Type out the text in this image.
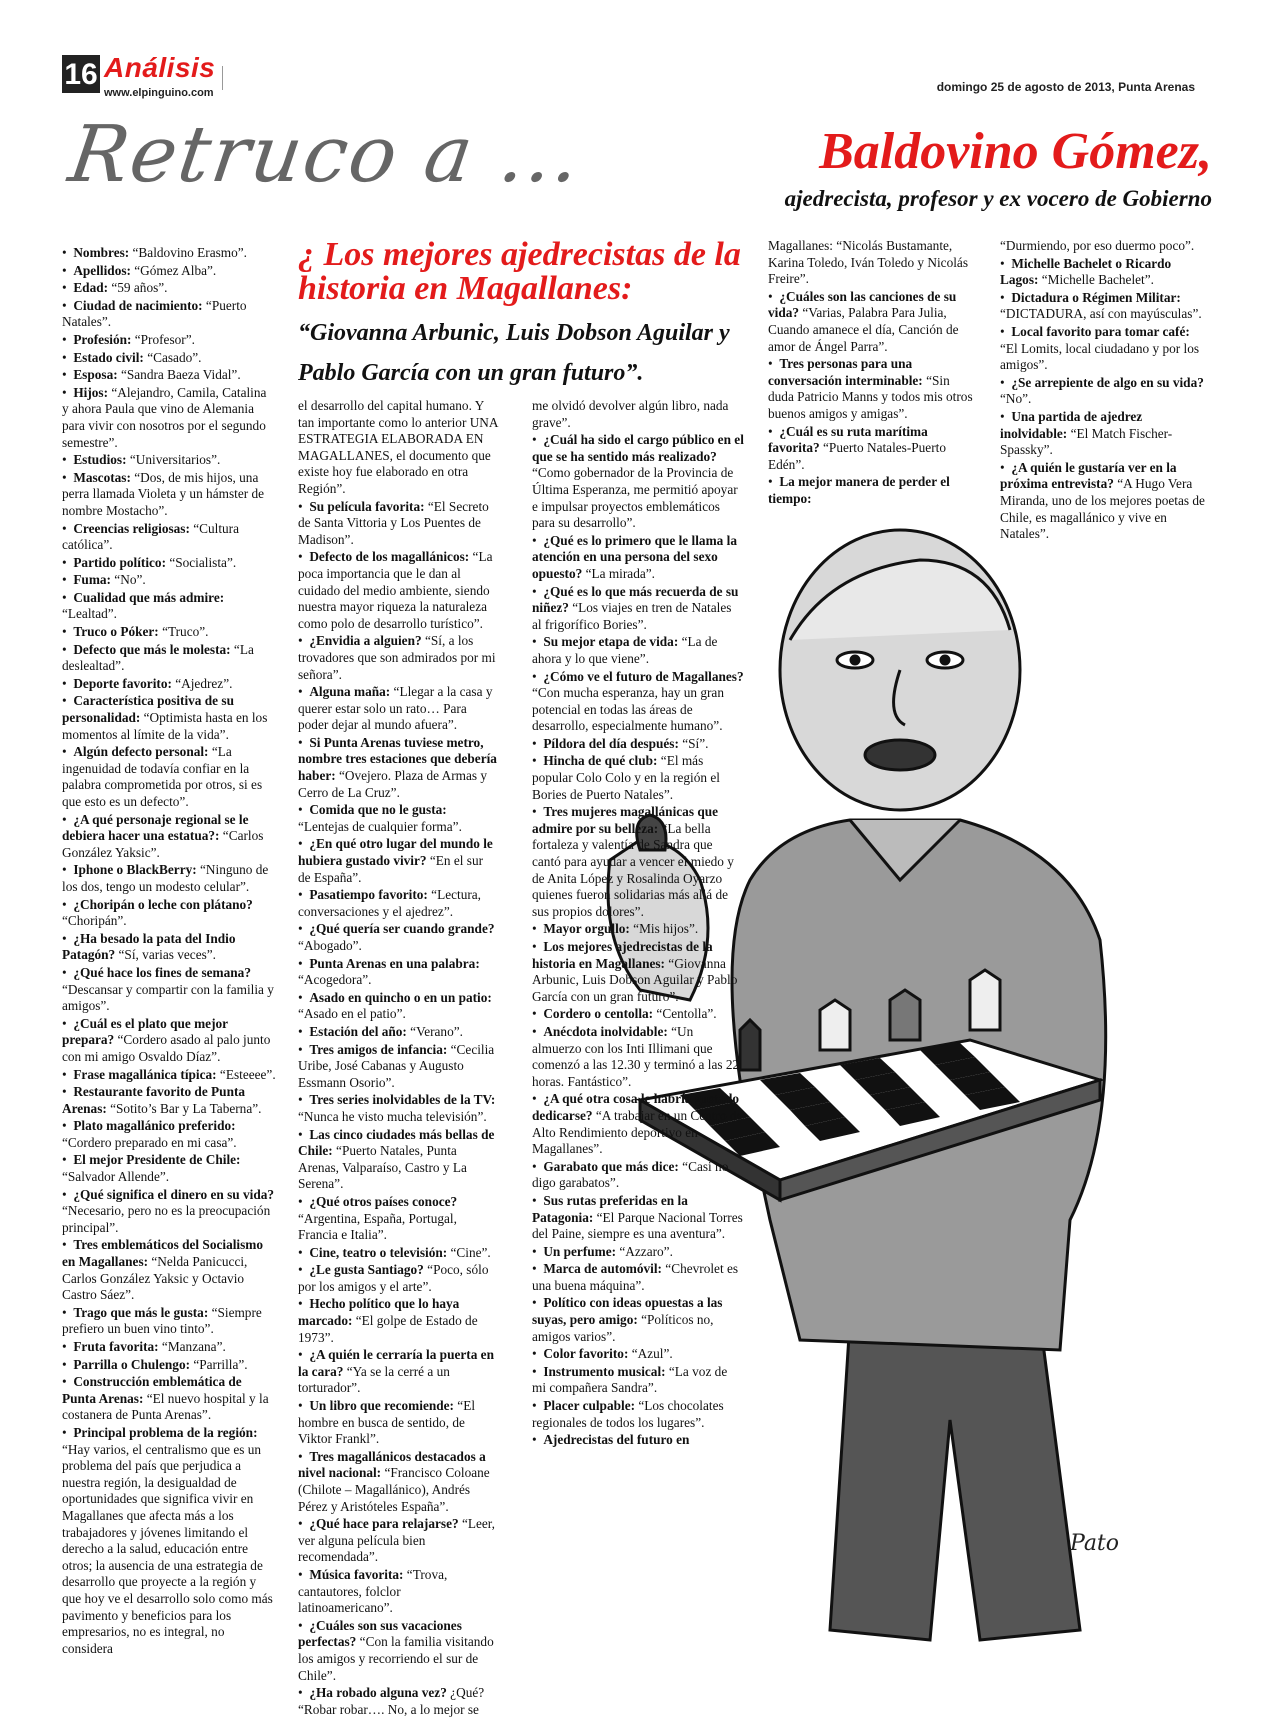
16 Análisis
www.elpinguino.com	domingo 25 de agosto de 2013, Punta Arenas
Retruco a ...	Baldovino Gómez,
ajedrecista, profesor y ex vocero de Gobierno
¿ Los mejores ajedrecistas de la historia en Magallanes:
“Giovanna Arbunic, Luis Dobson Aguilar y Pablo García con un gran futuro”.
Pato

•  Nombres: “Baldovino Erasmo”.

•  Apellidos: “Gómez Alba”.

•  Edad: “59 años”.

•  Ciudad de nacimiento: “Puerto Natales”.

•  Profesión: “Profesor”.

•  Estado civil: “Casado”.

•  Esposa: “Sandra Baeza Vidal”.

•  Hijos: “Alejandro, Camila, Catalina y ahora Paula que vino de Alemania para vivir con nosotros por el segundo semestre”.

•  Estudios: “Universitarios”.

•  Mascotas: “Dos, de mis hijos, una perra llamada Violeta y un hámster de nombre Mostacho”.

•  Creencias religiosas: “Cultura católica”.

•  Partido político: “Socialista”.

•  Fuma: “No”.

•  Cualidad que más admire: “Lealtad”.

•  Truco o Póker: “Truco”.

•  Defecto que más le molesta: “La deslealtad”.

•  Deporte favorito: “Ajedrez”.

•  Característica positiva de su personalidad: “Optimista hasta en los momentos al límite de la vida”.

•  Algún defecto personal: “La ingenuidad de todavía confiar en la palabra comprometida por otros, si es que esto es un defecto”.

•  ¿A qué personaje regional se le debiera hacer una estatua?: “Carlos González Yaksic”.

•  Iphone o BlackBerry: “Ninguno de los dos, tengo un modesto celular”.

•  ¿Choripán o leche con plátano? “Choripán”.

•  ¿Ha besado la pata del Indio Patagón? “Sí, varias veces”.

•  ¿Qué hace los fines de semana? “Descansar y compartir con la familia y amigos”.

•  ¿Cuál es el plato que mejor prepara? “Cordero asado al palo junto con mi amigo Osvaldo Díaz”.

•  Frase magallánica típica: “Esteeee”.

•  Restaurante favorito de Punta Arenas: “Sotito’s Bar y La Taberna”.

•  Plato magallánico preferido: “Cordero preparado en mi casa”.

•  El mejor Presidente de Chile: “Salvador Allende”.

•  ¿Qué significa el dinero en su vida? “Necesario, pero no es la preocupación principal”.

•  Tres emblemáticos del Socialismo en Magallanes: “Nelda Panicucci, Carlos González Yaksic y Octavio Castro Sáez”.

•  Trago que más le gusta: “Siempre prefiero un buen vino tinto”.

•  Fruta favorita: “Manzana”.

•  Parrilla o Chulengo: “Parrilla”.

•  Construcción emblemática de Punta Arenas: “El nuevo hospital y la costanera de Punta Arenas”.

•  Principal problema de la región: “Hay varios, el centralismo que es un problema del país que perjudica a nuestra región, la desigualdad de oportunidades que significa vivir en Magallanes que afecta más a los trabajadores y jóvenes limitando el derecho a la salud, educación entre otros; la ausencia de una estrategia de desarrollo que proyecte a la región y que hoy ve el desarrollo solo como más pavimento y beneficios para los empresarios, no es integral, no considera

el desarrollo del capital humano. Y tan importante como lo anterior UNA ESTRATEGIA ELABORADA EN MAGALLANES, el documento que existe hoy fue elaborado en otra Región”.

•  Su película favorita: “El Secreto de Santa Vittoria y Los Puentes de Madison”.

•  Defecto de los magallánicos: “La poca importancia que le dan al cuidado del medio ambiente, siendo nuestra mayor riqueza la naturaleza como polo de desarrollo turístico”.

•  ¿Envidia a alguien? “Sí, a los trovadores que son admirados por mi señora”.

•  Alguna maña: “Llegar a la casa y querer estar solo un rato… Para poder dejar al mundo afuera”.

•  Si Punta Arenas tuviese metro, nombre tres estaciones que debería haber: “Ovejero. Plaza de Armas y Cerro de La Cruz”.

•  Comida que no le gusta: “Lentejas de cualquier forma”.

•  ¿En qué otro lugar del mundo le hubiera gustado vivir? “En el sur de España”.

•  Pasatiempo favorito: “Lectura, conversaciones y el ajedrez”.

•  ¿Qué quería ser cuando grande? “Abogado”.

•  Punta Arenas en una palabra: “Acogedora”.

•  Asado en quincho o en un patio: “Asado en el patio”.

•  Estación del año: “Verano”.

•  Tres amigos de infancia: “Cecilia Uribe, José Cabanas y Augusto Essmann Osorio”.

•  Tres series inolvidables de la TV: “Nunca he visto mucha televisión”.

•  Las cinco ciudades más bellas de Chile: “Puerto Natales, Punta Arenas, Valparaíso, Castro y La Serena”.

•  ¿Qué otros países conoce? “Argentina, España, Portugal, Francia e Italia”.

•  Cine, teatro o televisión: “Cine”.

•  ¿Le gusta Santiago? “Poco, sólo por los amigos y el arte”.

•  Hecho político que lo haya marcado: “El golpe de Estado de 1973”.

•  ¿A quién le cerraría la puerta en la cara? “Ya se la cerré a un torturador”.

•  Un libro que recomiende: “El hombre en busca de sentido, de Viktor Frankl”.

•  Tres magallánicos destacados a nivel nacional: “Francisco Coloane (Chilote – Magallánico), Andrés Pérez y Aristóteles España”.

•  ¿Qué hace para relajarse? “Leer, ver alguna película bien recomendada”.

•  Música favorita: “Trova, cantautores, folclor latinoamericano”.

•  ¿Cuáles son sus vacaciones perfectas? “Con la familia visitando los amigos y recorriendo el sur de Chile”.

•  ¿Ha robado alguna vez? ¿Qué? “Robar robar…. No, a lo mejor se

me olvidó devolver algún libro, nada grave”.

•  ¿Cuál ha sido el cargo público en el que se ha sentido más realizado? “Como gobernador de la Provincia de Última Esperanza, me permitió apoyar e impulsar proyectos emblemáticos para su desarrollo”.

•  ¿Qué es lo primero que le llama la atención en una persona del sexo opuesto? “La mirada”.

•  ¿Qué es lo que más recuerda de su niñez? “Los viajes en tren de Natales al frigorífico Bories”.

•  Su mejor etapa de vida: “La de ahora y lo que viene”.

•  ¿Cómo ve el futuro de Magallanes? “Con mucha esperanza, hay un gran potencial en todas las áreas de desarrollo, especialmente humano”.

•  Píldora del día después: “Sí”.

•  Hincha de qué club: “El más popular Colo Colo y en la región el Bories de Puerto Natales”.

•  Tres mujeres magallánicas que admire por su belleza: “La bella fortaleza y valentía de Sandra que cantó para ayudar a vencer el miedo y de Anita López y Rosalinda Oyarzo quienes fueron solidarias más allá de sus propios dolores”.

•  Mayor orgullo: “Mis hijos”.

•  Los mejores ajedrecistas de la historia en Magallanes: “Giovanna Arbunic, Luis Dobson Aguilar y Pablo García con un gran futuro”.

•  Cordero o centolla: “Centolla”.

•  Anécdota inolvidable: “Un almuerzo con los Inti Illimani que comenzó a las 12.30 y terminó a las 22 horas. Fantástico”.

•  ¿A qué otra cosa le habría gustado dedicarse? “A trabajar en un Centro de Alto Rendimiento deportivo en Magallanes”.

•  Garabato que más dice: “Casi no digo garabatos”.

•  Sus rutas preferidas en la Patagonia: “El Parque Nacional Torres del Paine, siempre es una aventura”.

•  Un perfume: “Azzaro”.

•  Marca de automóvil: “Chevrolet es una buena máquina”.

•  Político con ideas opuestas a las suyas, pero amigo: “Políticos no, amigos varios”.

•  Color favorito: “Azul”.

•  Instrumento musical: “La voz de mi compañera Sandra”.

•  Placer culpable: “Los chocolates regionales de todos los lugares”.

•  Ajedrecistas del futuro en

Magallanes: “Nicolás Bustamante, Karina Toledo, Iván Toledo y Nicolás Freire”.

•  ¿Cuáles son las canciones de su vida? “Varias, Palabra Para Julia, Cuando amanece el día, Canción de amor de Ángel Parra”.

•  Tres personas para una conversación interminable: “Sin duda Patricio Manns y todos mis otros buenos amigos y amigas”.

•  ¿Cuál es su ruta marítima favorita? “Puerto Natales-Puerto Edén”.

•  La mejor manera de perder el tiempo:

“Durmiendo, por eso duermo poco”.

•  Michelle Bachelet o Ricardo Lagos: “Michelle Bachelet”.

•  Dictadura o Régimen Militar: “DICTADURA, así con mayúsculas”.

•  Local favorito para tomar café: “El Lomits, local ciudadano y por los amigos”.

•  ¿Se arrepiente de algo en su vida? “No”.

•  Una partida de ajedrez inolvidable: “El Match Fischer-Spassky”.

•  ¿A quién le gustaría ver en la próxima entrevista? “A Hugo Vera Miranda, uno de los mejores poetas de Chile, es magallánico y vive en Natales”.
